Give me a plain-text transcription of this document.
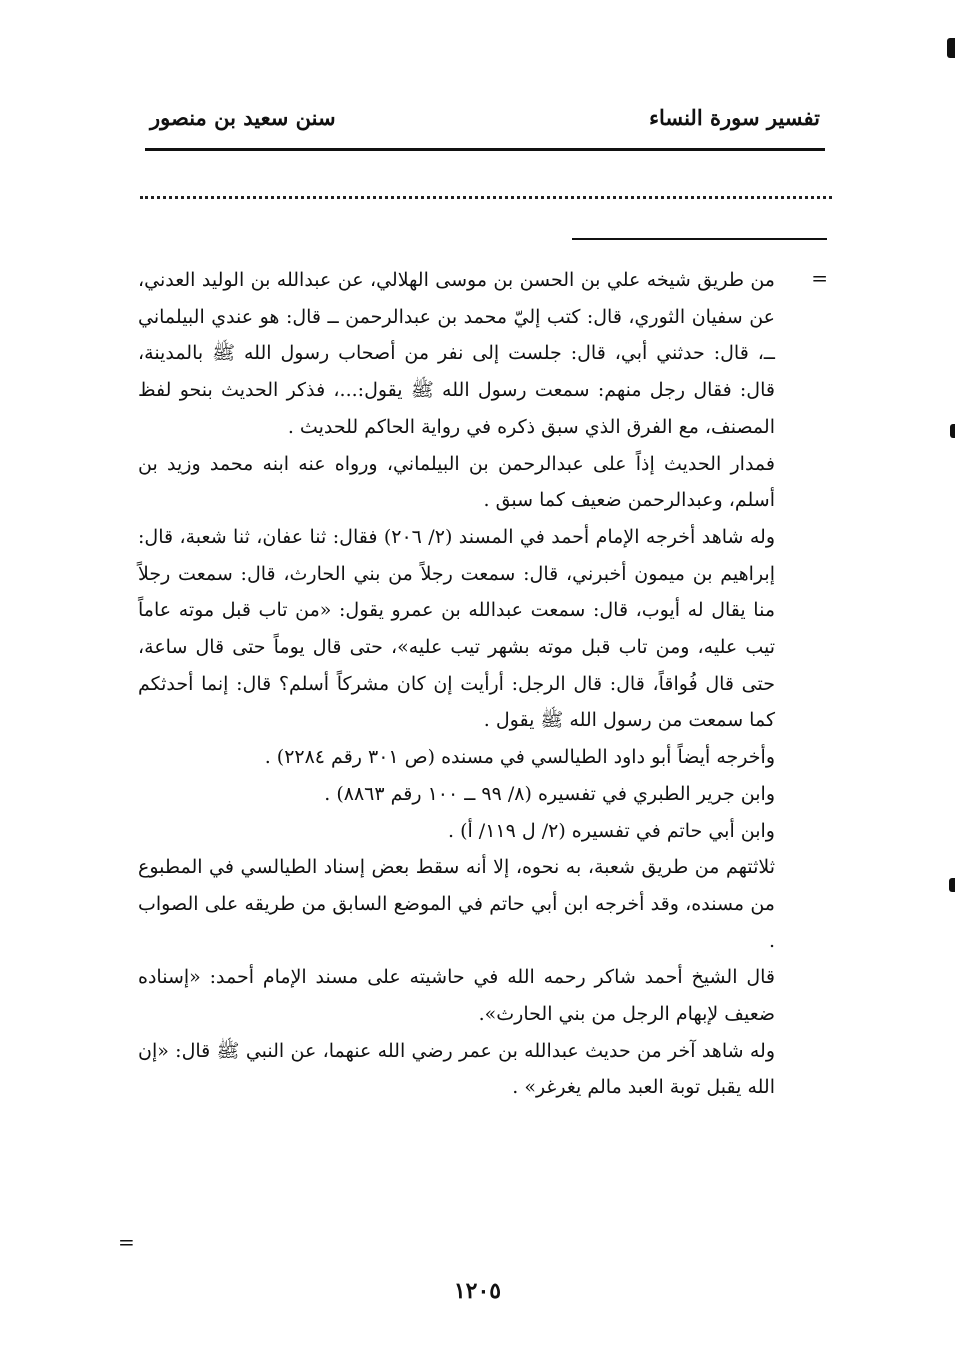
تفسير سورة النساء
سنن سعيد بن منصور
=

من طريق شيخه علي بن الحسن بن موسى الهلالي، عن عبدالله بن الوليد العدني، عن سفيان الثوري، قال: كتب إليّ محمد بن عبدالرحمن ــ قال: هو عندي البيلماني ــ، قال: حدثني أبي، قال: جلست إلى نفر من أصحاب رسول الله ﷺ بالمدينة، قال: فقال رجل منهم: سمعت رسول الله ﷺ يقول:...، فذكر الحديث بنحو لفظ المصنف، مع الفرق الذي سبق ذكره في رواية الحاكم للحديث .

فمدار الحديث إذاً على عبدالرحمن بن البيلماني، ورواه عنه ابنه محمد وزيد بن أسلم، وعبدالرحمن ضعيف كما سبق .

وله شاهد أخرجه الإمام أحمد في المسند (٢/ ٢٠٦) فقال: ثنا عفان، ثنا شعبة، قال: إبراهيم بن ميمون أخبرني، قال: سمعت رجلاً من بني الحارث، قال: سمعت رجلاً منا يقال له أيوب، قال: سمعت عبدالله بن عمرو يقول: «من تاب قبل موته عاماً تيب عليه، ومن تاب قبل موته بشهر تيب عليه»، حتى قال يوماً حتى قال ساعة، حتى قال فُواقاً، قال: قال الرجل: أرأيت إن كان مشركاً أسلم؟ قال: إنما أحدثكم كما سمعت من رسول الله ﷺ يقول .

وأخرجه أيضاً أبو داود الطيالسي في مسنده (ص ٣٠١ رقم ٢٢٨٤) .

وابن جرير الطبري في تفسيره (٨/ ٩٩ ــ ١٠٠ رقم ٨٨٦٣) .

وابن أبي حاتم في تفسيره (٢/ ل ١١٩/ أ) .

ثلاثتهم من طريق شعبة، به نحوه، إلا أنه سقط بعض إسناد الطيالسي في المطبوع من مسنده، وقد أخرجه ابن أبي حاتم في الموضع السابق من طريقه على الصواب .

قال الشيخ أحمد شاكر رحمه الله في حاشيته على مسند الإمام أحمد: «إسناده ضعيف لإبهام الرجل من بني الحارث».

وله شاهد آخر من حديث عبدالله بن عمر رضي الله عنهما، عن النبي ﷺ قال: «إن الله يقبل توبة العبد مالم يغرغر» .

=
١٢٠٥
